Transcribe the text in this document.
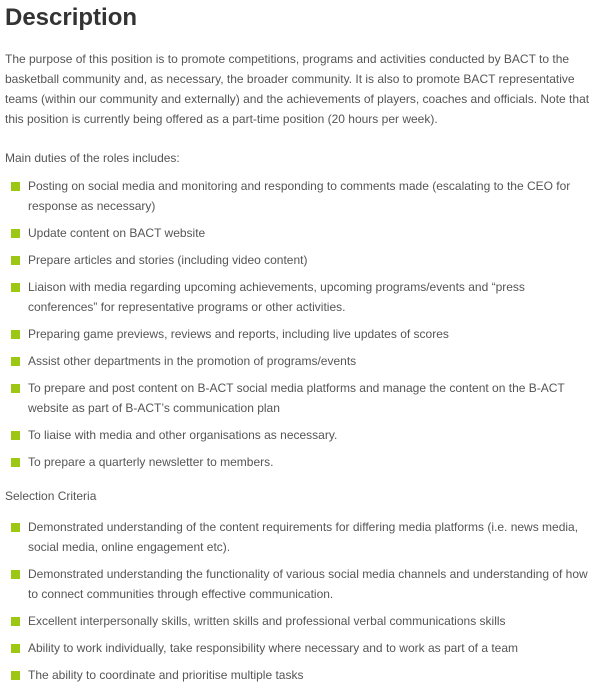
Description

The purpose of this position is to promote competitions, programs and activities conducted by BACT to the basketball community and, as necessary, the broader community. It is also to promote BACT representative teams (within our community and externally) and the achievements of players, coaches and officials. Note that this position is currently being offered as a part-time position (20 hours per week).

Main duties of the roles includes:

Posting on social media and monitoring and responding to comments made (escalating to the CEO for response as necessary)
Update content on BACT website
Prepare articles and stories (including video content)
Liaison with media regarding upcoming achievements, upcoming programs/events and “press conferences” for representative programs or other activities.
Preparing game previews, reviews and reports, including live updates of scores
Assist other departments in the promotion of programs/events
To prepare and post content on B-ACT social media platforms and manage the content on the B-ACT website as part of B-ACT’s communication plan
To liaise with media and other organisations as necessary.
To prepare a quarterly newsletter to members.

Selection Criteria

Demonstrated understanding of the content requirements for differing media platforms (i.e. news media, social media, online engagement etc).
Demonstrated understanding the functionality of various social media channels and understanding of how to connect communities through effective communication.
Excellent interpersonally skills, written skills and professional verbal communications skills
Ability to work individually, take responsibility where necessary and to work as part of a team
The ability to coordinate and prioritise multiple tasks
